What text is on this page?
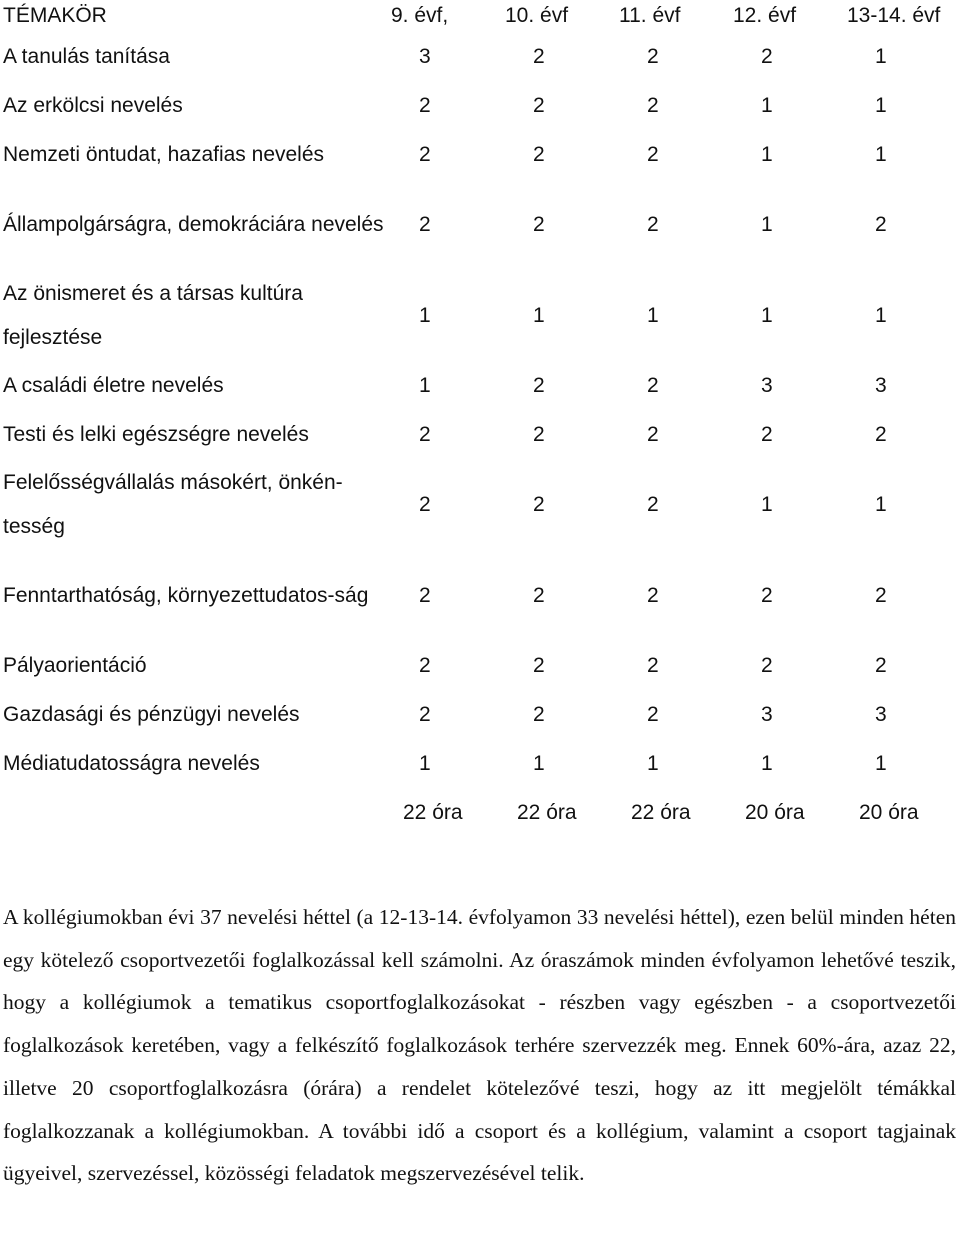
TÉMAKÖR	9. évf,	10. évf	11. évf	12. évf	13-14. évf
A tanulás tanítása	3	2	2	2	1
Az erkölcsi nevelés	2	2	2	1	1
Nemzeti öntudat, hazafias nevelés	2	2	2	1	1
Állampolgárságra, demokráciára nevelés	2	2	2	1	2
Az önismeret és a társas kultúra fejlesztése	1	1	1	1	1
A családi életre nevelés	1	2	2	3	3
Testi és lelki egészségre nevelés	2	2	2	2	2
Felelősségvállalás másokért, önkén-tesség	2	2	2	1	1
Fenntarthatóság, környezettudatos-ság	2	2	2	2	2
Pályaorientáció	2	2	2	2	2
Gazdasági és pénzügyi nevelés	2	2	2	3	3
Médiatudatosságra nevelés	1	1	1	1	1
	22 óra	22 óra	22 óra	20 óra	20 óra

A kollégiumokban évi 37 nevelési héttel (a 12-13-14. évfolyamon 33 nevelési héttel), ezen belül minden héten egy kötelező csoportvezetői foglalkozással kell számolni. Az óraszámok minden évfolyamon lehetővé teszik, hogy a kollégiumok a tematikus csoportfoglalkozásokat - részben vagy egészben - a csoportvezetői foglalkozások keretében, vagy a felkészítő foglalkozások terhére szervezzék meg. Ennek 60%-ára, azaz 22, illetve 20 csoportfoglalkozásra (órára) a rendelet kötelezővé teszi, hogy az itt megjelölt témákkal foglalkozzanak a kollégiumokban. A további idő a csoport és a kollégium, valamint a csoport tagjainak ügyeivel, szervezéssel, közösségi feladatok megszervezésével telik.
